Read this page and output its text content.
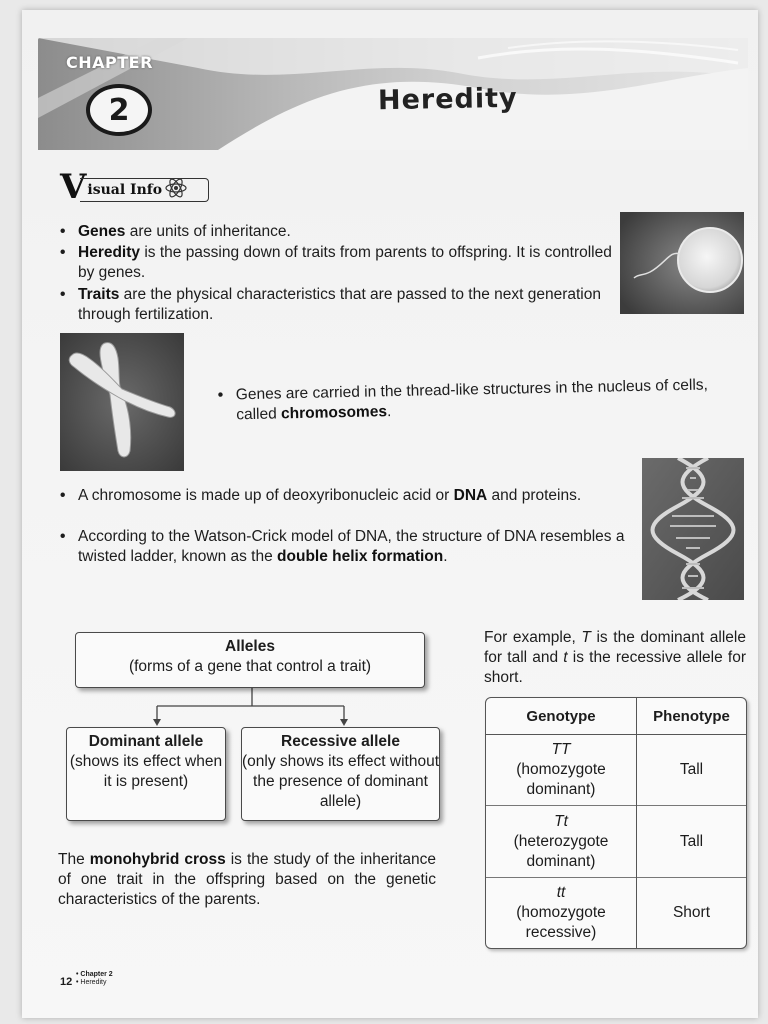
CHAPTER
2	Heredity
V isual Info
• Genes are units of inheritance.
• Heredity is the passing down of traits from parents to offspring. It is controlled by genes.
• Traits are the physical characteristics that are passed to the next generation through fertilization.
• Genes are carried in the thread-like structures in the nucleus of cells, called chromosomes.
• A chromosome is made up of deoxyribonucleic acid or DNA and proteins.
• According to the Watson-Crick model of DNA, the structure of DNA resembles a twisted ladder, known as the double helix formation.
Alleles
(forms of a gene that control a trait)
Dominant allele
(shows its effect when it is present)
Recessive allele
(only shows its effect without the presence of dominant allele)
For example, T is the dominant allele for tall and t is the recessive allele for short.
The monohybrid cross is the study of the inheritance of one trait in the offspring based on the genetic characteristics of the parents.
Genotype	Phenotype
TT
(homozygote dominant)	Tall
Tt
(heterozygote dominant)	Tall
tt
(homozygote recessive)	Short
12
• Chapter 2
• Heredity
